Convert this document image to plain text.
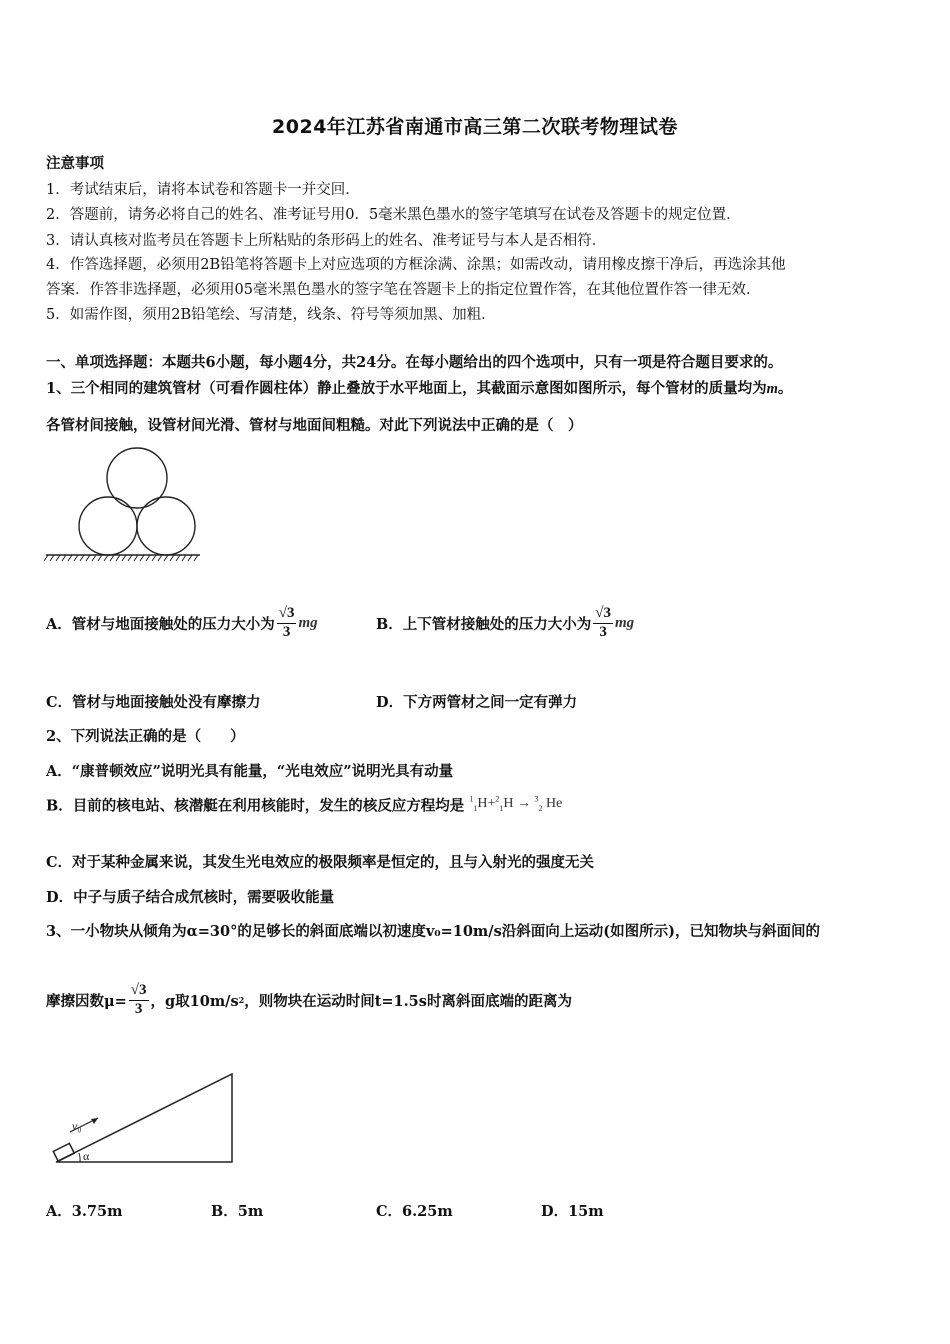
2024年江苏省南通市高三第二次联考物理试卷
注意事项
1．考试结束后，请将本试卷和答题卡一并交回．
2．答题前，请务必将自己的姓名、准考证号用0．5毫米黑色墨水的签字笔填写在试卷及答题卡的规定位置．
3．请认真核对监考员在答题卡上所粘贴的条形码上的姓名、准考证号与本人是否相符．
4．作答选择题，必须用2B铅笔将答题卡上对应选项的方框涂满、涂黑；如需改动，请用橡皮擦干净后，再选涂其他
答案．作答非选择题，必须用05毫米黑色墨水的签字笔在答题卡上的指定位置作答，在其他位置作答一律无效．
5．如需作图，须用2B铅笔绘、写清楚，线条、符号等须加黑、加粗．
一、单项选择题：本题共6小题，每小题4分，共24分。在每小题给出的四个选项中，只有一项是符合题目要求的。
1、三个相同的建筑管材（可看作圆柱体）静止叠放于水平地面上，其截面示意图如图所示，每个管材的质量均为m。
各管材间接触，设管材间光滑、管材与地面间粗糙。对此下列说法中正确的是（　）
A．管材与地面接触处的压力大小为 $\frac{√3}{3}$ mg	B．上下管材接触处的压力大小为 $\frac{√3}{3}$ mg
C．管材与地面接触处没有摩擦力	D．下方两管材之间一定有弹力
2、下列说法正确的是（　　）
A．“康普顿效应”说明光具有能量，“光电效应”说明光具有动量
B．目前的核电站、核潜艇在利用核能时，发生的核反应方程均是 $^1_1$H+$^2_1$H → $^3_2$ He
C．对于某种金属来说，其发生光电效应的极限频率是恒定的，且与入射光的强度无关
D．中子与质子结合成氘核时，需要吸收能量
3、一小物块从倾角为α=30°的足够长的斜面底端以初速度v₀=10m/s沿斜面向上运动(如图所示)，已知物块与斜面间的
摩擦因数$\mu= \frac{√3}{3}$ ，g取10m/s 2 ，则物块在运动时间t=1.5s时离斜面底端的距离为
v₀
α
A．3.75m	B．5m	C．6.25m	D．15m
